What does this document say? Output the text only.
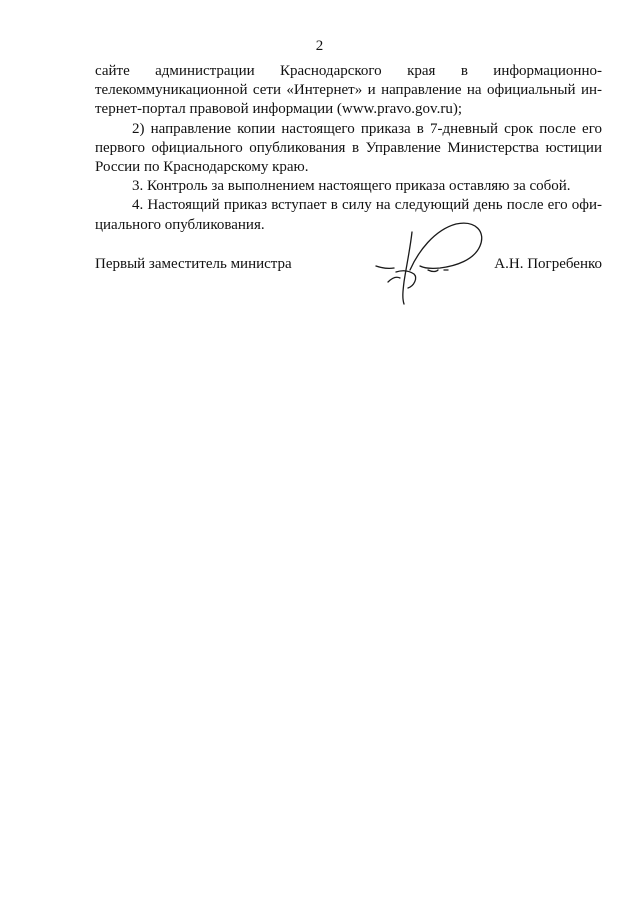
2
сайте администрации Краснодарского края в информационно-
телекоммуникационной сети «Интернет» и направление на официальный ин-
тернет-портал правовой информации (www.pravo.gov.ru);
2) направление копии настоящего приказа в 7-дневный срок после его
первого официального опубликования в Управление Министерства юстиции
России по Краснодарскому краю.
3. Контроль за выполнением настоящего приказа оставляю за собой.
4. Настоящий приказ вступает в силу на следующий день после его офи-
циального опубликования.
Первый заместитель министра	А.Н. Погребенко
